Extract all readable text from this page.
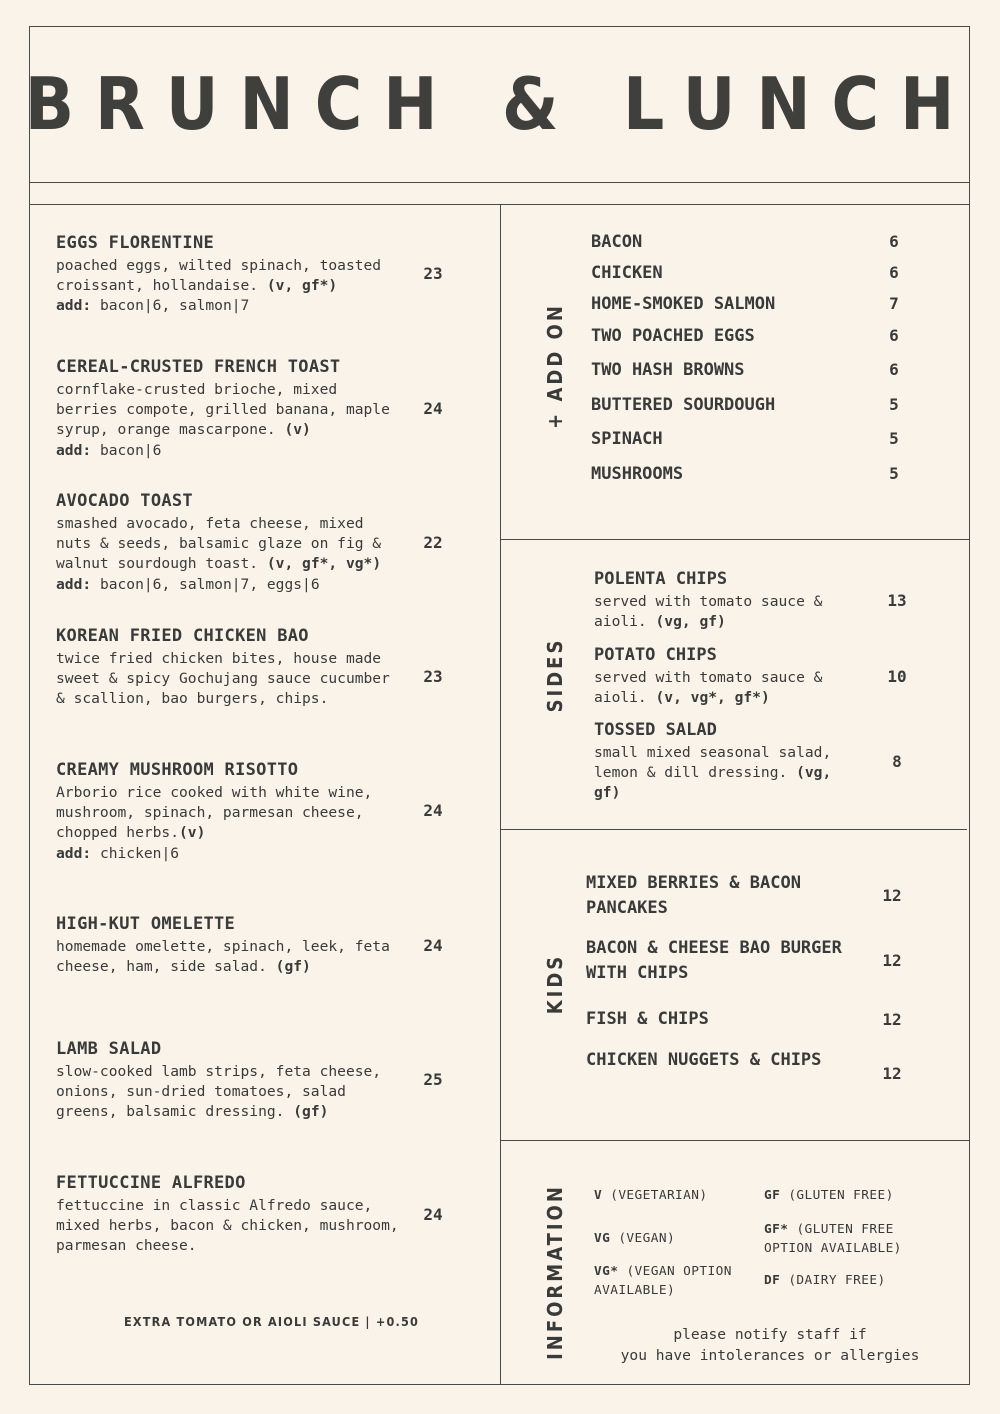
BRUNCH & LUNCH
EGGS FLORENTINE
poached eggs, wilted spinach, toasted croissant, hollandaise. (v, gf*)
add: bacon|6, salmon|7
23
CEREAL-CRUSTED FRENCH TOAST
cornflake-crusted brioche, mixed berries compote, grilled banana, maple syrup, orange mascarpone. (v)
add: bacon|6
24
AVOCADO TOAST
smashed avocado, feta cheese, mixed nuts & seeds, balsamic glaze on fig & walnut sourdough toast. (v, gf*, vg*)
add: bacon|6, salmon|7, eggs|6
22
KOREAN FRIED CHICKEN BAO
twice fried chicken bites, house made sweet & spicy Gochujang sauce cucumber & scallion, bao burgers, chips.
23
CREAMY MUSHROOM RISOTTO
Arborio rice cooked with white wine, mushroom, spinach, parmesan cheese, chopped herbs.(v)
add: chicken|6
24
HIGH-KUT OMELETTE
homemade omelette, spinach, leek, feta cheese, ham, side salad. (gf)
24
LAMB SALAD
slow-cooked lamb strips, feta cheese, onions, sun-dried tomatoes, salad greens, balsamic dressing. (gf)
25
FETTUCCINE ALFREDO
fettuccine in classic Alfredo sauce, mixed herbs, bacon & chicken, mushroom, parmesan cheese.
24
EXTRA TOMATO OR AIOLI SAUCE | +0.50
+ ADD ON
BACON	6
CHICKEN	6
HOME-SMOKED SALMON	7
TWO POACHED EGGS	6
TWO HASH BROWNS	6
BUTTERED SOURDOUGH	5
SPINACH	5
MUSHROOMS	5
SIDES
POLENTA CHIPS
served with tomato sauce & aioli. (vg, gf)
13
POTATO CHIPS
served with tomato sauce & aioli. (v, vg*, gf*)
10
TOSSED SALAD
small mixed seasonal salad, lemon & dill dressing. (vg, gf)
8
KIDS
MIXED BERRIES & BACON PANCAKES
12
BACON & CHEESE BAO BURGER WITH CHIPS
12
FISH & CHIPS	12
CHICKEN NUGGETS & CHIPS
12
INFORMATION V (VEGETARIAN)	GF (GLUTEN FREE)
VG (VEGAN)
GF* (GLUTEN FREE OPTION AVAILABLE)
VG* (VEGAN OPTION AVAILABLE)
DF (DAIRY FREE)
please notify staff if
you have intolerances or allergies
